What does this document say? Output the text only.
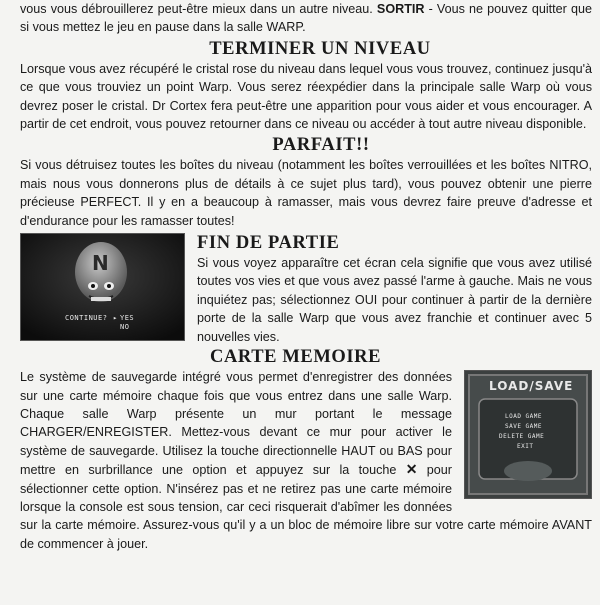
vous vous débrouillerez peut-être mieux dans un autre niveau. SORTIR - Vous ne pouvez quitter que si vous mettez le jeu en pause dans la salle WARP.

TERMINER UN NIVEAU

Lorsque vous avez récupéré le cristal rose du niveau dans lequel vous vous trouvez, continuez jusqu'à ce que vous trouviez un point Warp. Vous serez réexpédier dans la principale salle Warp où vous devrez poser le cristal. Dr Cortex fera peut-être une apparition pour vous aider et vous encourager. A partir de cet endroit, vous pouvez retourner dans ce niveau ou accéder à tout autre niveau disponible.

PARFAIT!!

Si vous détruisez toutes les boîtes du niveau (notamment les boîtes verrouillées et les boîtes NITRO, mais nous vous donnerons plus de détails à ce sujet plus tard), vous pouvez obtenir une pierre précieuse PERFECT. Il y en a beaucoup à ramasser, mais vous devrez faire preuve d'adresse et d'endurance pour les ramasser toutes!

N
CONTINUE? ▸ YES
NO
FIN DE PARTIE

Si vous voyez apparaître cet écran cela signifie que vous avez utilisé toutes vos vies et que vous avez passé l'arme à gauche. Mais ne vous inquiétez pas; sélectionnez OUI pour continuer à partir de la dernière porte de la salle Warp que vous avez franchie et continuer avec 5 nouvelles vies.

CARTE MEMOIRE
LOAD/SAVE
LOAD GAME
SAVE GAME
DELETE GAME
EXIT

Le système de sauvegarde intégré vous permet d'enregistrer des données sur une carte mémoire chaque fois que vous entrez dans une salle Warp. Chaque salle Warp présente un mur portant le message CHARGER/ENREGISTER. Mettez-vous devant ce mur pour activer le système de sauvegarde. Utilisez la touche directionnelle HAUT ou BAS pour mettre en surbrillance une option et appuyez sur la touche ✕ pour sélectionner cette option. N'insérez pas et ne retirez pas une carte mémoire lorsque la console est sous tension, car ceci risquerait d'abîmer les données sur la carte mémoire. Assurez-vous qu'il y a un bloc de mémoire libre sur votre carte mémoire AVANT de commencer à jouer.
